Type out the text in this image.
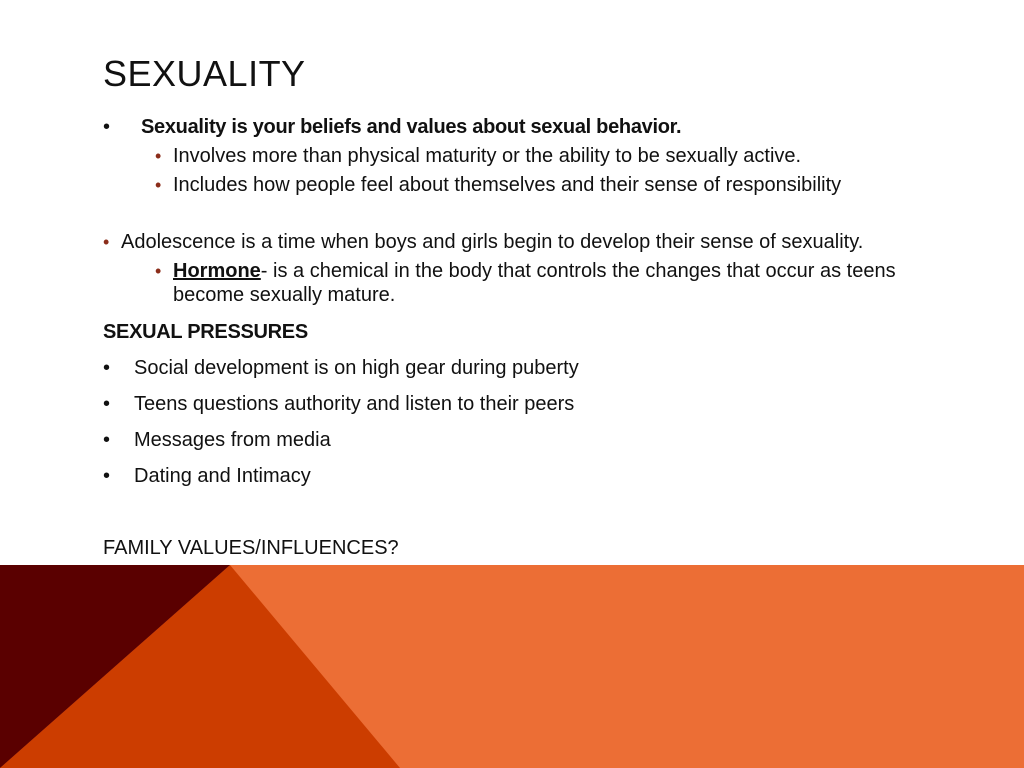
SEXUALITY
• Sexuality is your beliefs and values about sexual behavior.
• Involves more than physical maturity or the ability to be sexually active.
• Includes how people feel about themselves and their sense of responsibility
• Adolescence is a time when boys and girls begin to develop their sense of sexuality.
• Hormone- is a chemical in the body that controls the changes that occur as teens become sexually mature.
SEXUAL PRESSURES
• Social development is on high gear during puberty
• Teens questions authority and listen to their peers
• Messages from media
• Dating and Intimacy
FAMILY VALUES/INFLUENCES?
